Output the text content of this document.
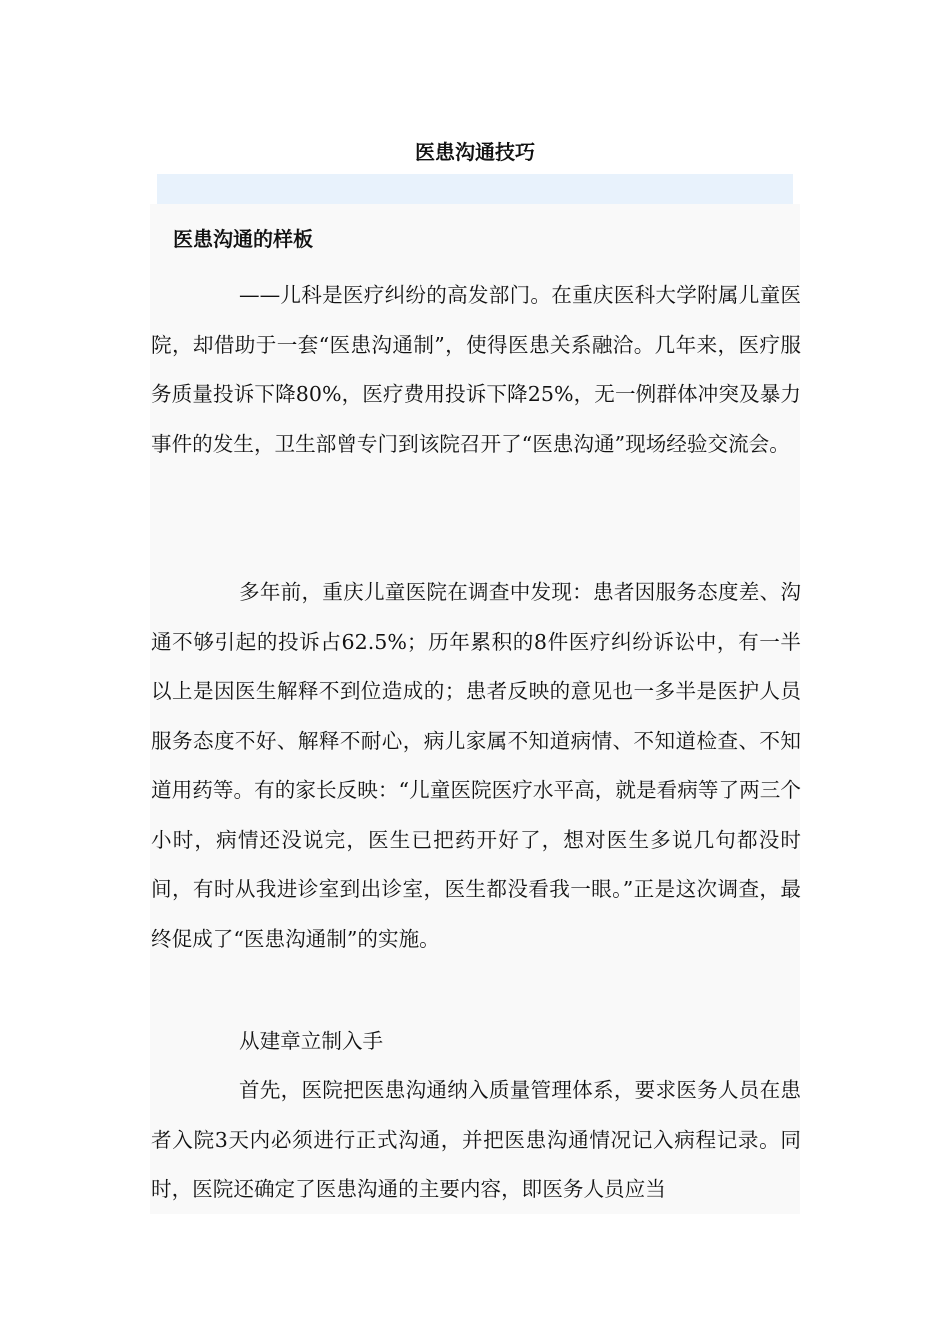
医患沟通技巧
医患沟通的样板

——儿科是医疗纠纷的高发部门。在重庆医科大学附属儿童医院，却借助于一套“医患沟通制”，使得医患关系融洽。几年来，医疗服务质量投诉下降80%，医疗费用投诉下降25%，无一例群体冲突及暴力事件的发生，卫生部曾专门到该院召开了“医患沟通”现场经验交流会。

多年前，重庆儿童医院在调查中发现：患者因服务态度差、沟通不够引起的投诉占62.5%；历年累积的8件医疗纠纷诉讼中，有一半以上是因医生解释不到位造成的；患者反映的意见也一多半是医护人员服务态度不好、解释不耐心，病儿家属不知道病情、不知道检查、不知道用药等。有的家长反映：“儿童医院医疗水平高，就是看病等了两三个小时，病情还没说完，医生已把药开好了，想对医生多说几句都没时间，有时从我进诊室到出诊室，医生都没看我一眼。”正是这次调查，最终促成了“医患沟通制”的实施。

从建章立制入手

首先，医院把医患沟通纳入质量管理体系，要求医务人员在患者入院3天内必须进行正式沟通，并把医患沟通情况记入病程记录。同时，医院还确定了医患沟通的主要内容，即医务人员应当
